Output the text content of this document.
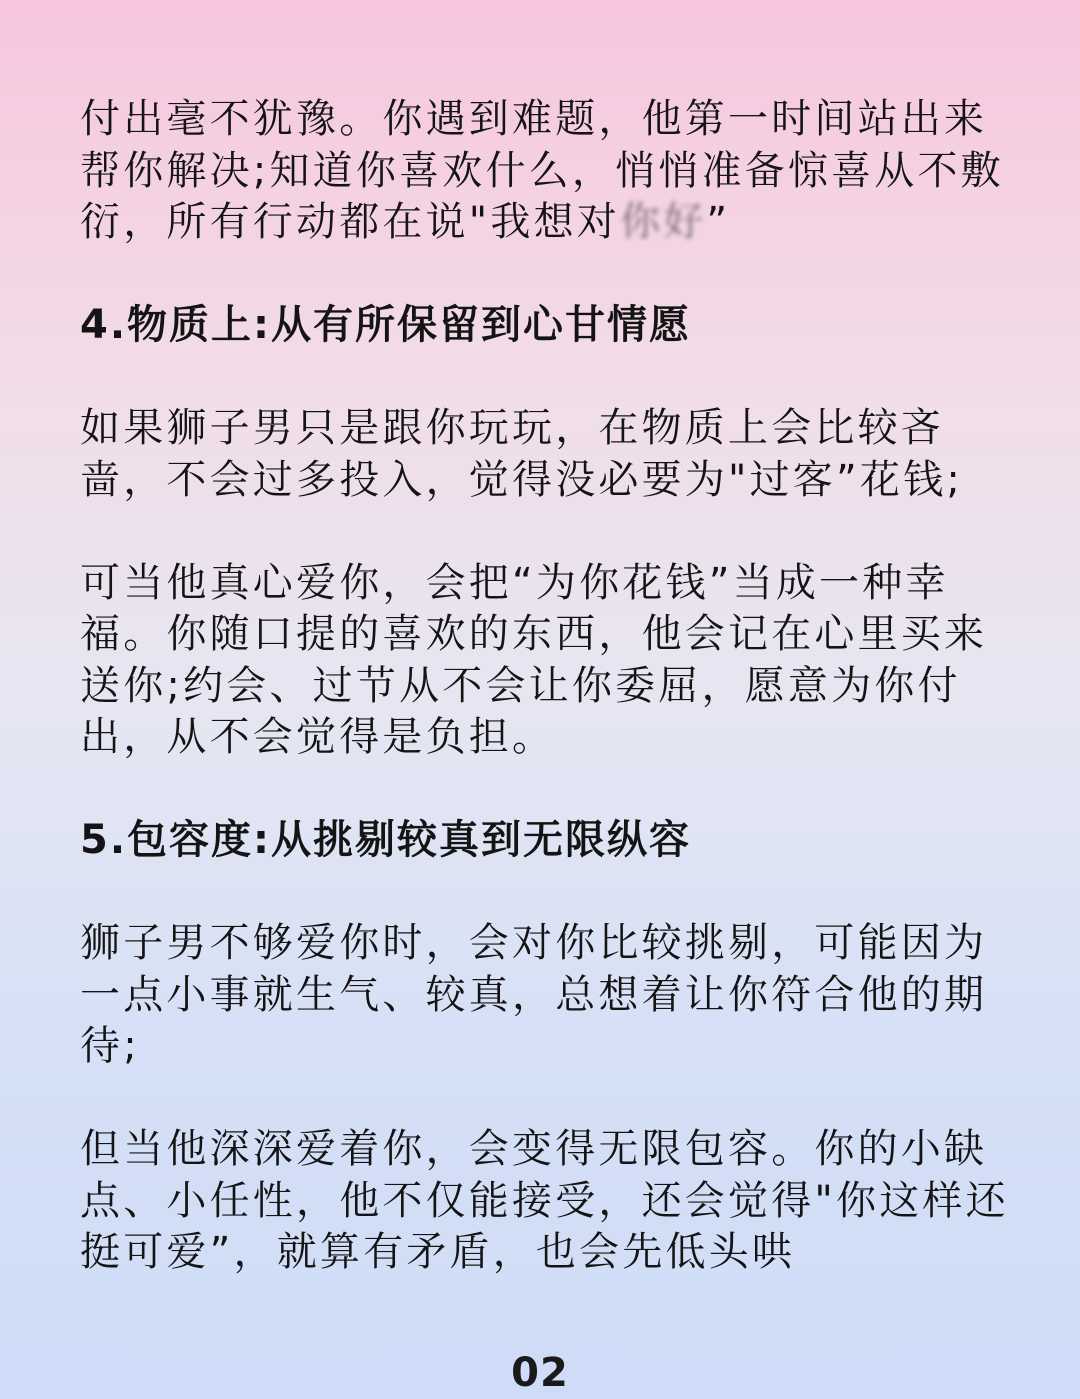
付出毫不犹豫。你遇到难题，他第一时间站出来帮你解决;知道你喜欢什么，悄悄准备惊喜从不敷衍，所有行动都在说"我想对你好”

4.物质上:从有所保留到心甘情愿

如果狮子男只是跟你玩玩，在物质上会比较吝啬，不会过多投入，觉得没必要为"过客”花钱;

可当他真心爱你，会把“为你花钱”当成一种幸福。你随口提的喜欢的东西，他会记在心里买来送你;约会、过节从不会让你委屈，愿意为你付出，从不会觉得是负担。

5.包容度:从挑剔较真到无限纵容

狮子男不够爱你时，会对你比较挑剔，可能因为一点小事就生气、较真，总想着让你符合他的期待;

但当他深深爱着你，会变得无限包容。你的小缺点、小任性，他不仅能接受，还会觉得"你这样还挺可爱”，就算有矛盾，也会先低头哄

02
